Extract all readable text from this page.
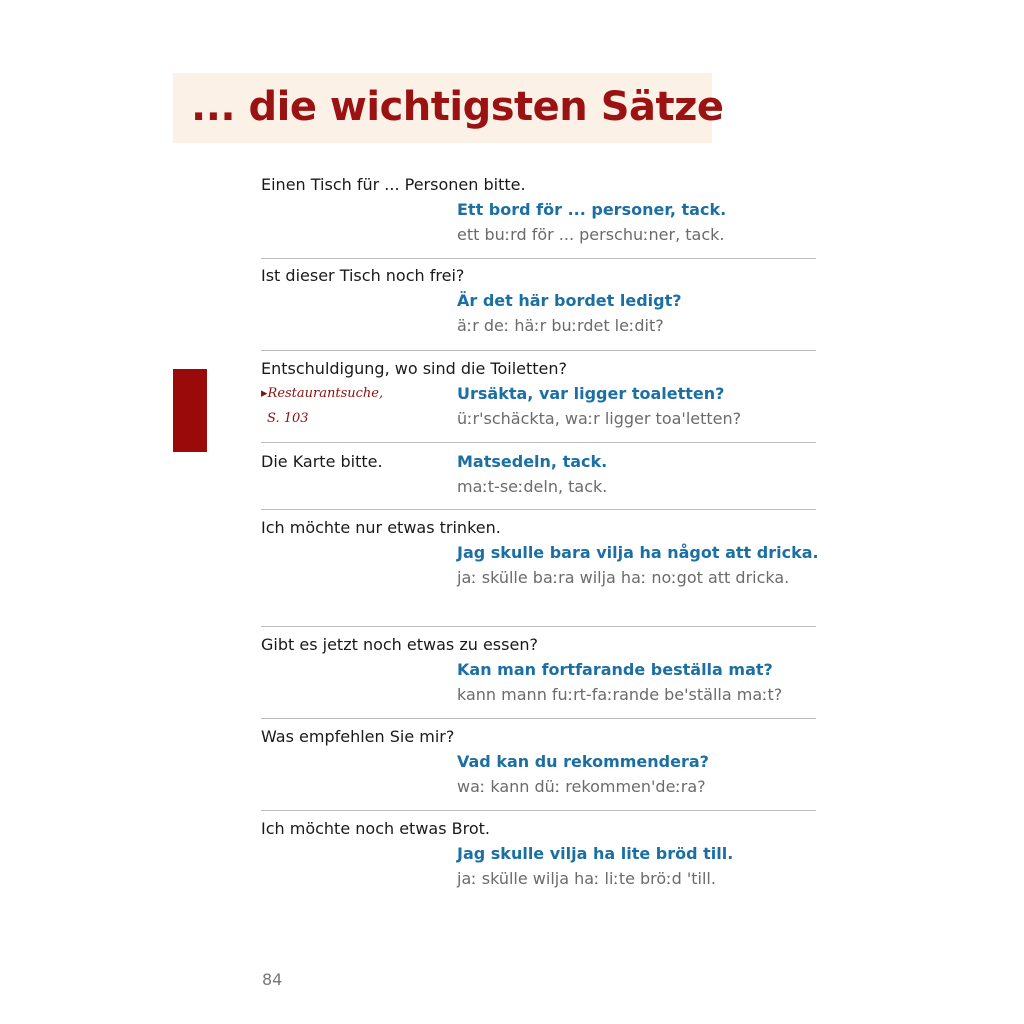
... die wichtigsten Sätze
Einen Tisch für ... Personen bitte.
Ett bord för ... personer, tack.
ett buːrd för ... perschuːner, tack.
Ist dieser Tisch noch frei?
Är det här bordet ledigt?
äːr deː häːr buːrdet leːdit?
Entschuldigung, wo sind die Toiletten?
▸Restaurantsuche,
S. 103
Ursäkta, var ligger toaletten?
üːr'schäckta, waːr ligger toa'letten?
Die Karte bitte.	Matsedeln, tack.
maːt-seːdeln, tack.
Ich möchte nur etwas trinken.
Jag skulle bara vilja ha något att dricka.
jaː skülle baːra wilja haː noːgot att dricka.
Gibt es jetzt noch etwas zu essen?
Kan man fortfarande beställa mat?
kann mann fuːrt-faːrande be'ställa maːt?
Was empfehlen Sie mir?
Vad kan du rekommendera?
waː kann düː rekommen'deːra?
Ich möchte noch etwas Brot.
Jag skulle vilja ha lite bröd till.
jaː skülle wilja haː liːte bröːd 'till.
84
